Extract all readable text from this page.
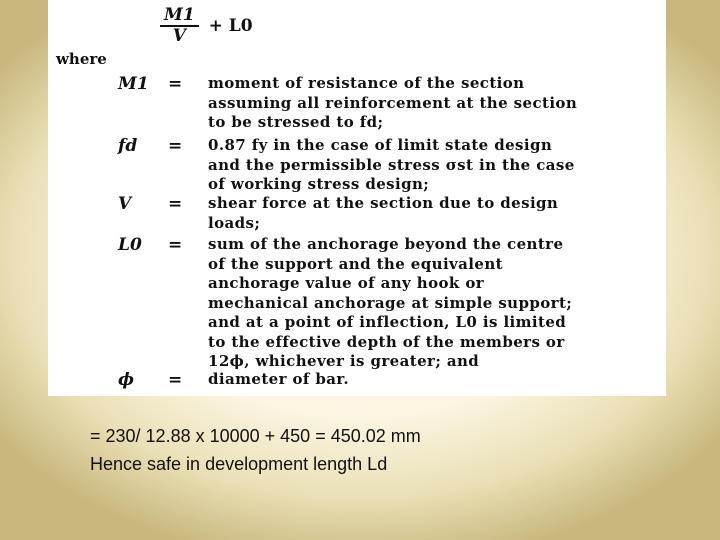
$\frac{M1}{V} + L0$
where
M1 = moment of resistance of the section
assuming all reinforcement at the section
to be stressed to fd;
fd = 0.87 fy in the case of limit state design
and the permissible stress σst in the case
of working stress design;
V = shear force at the section due to design
loads;
L0 = sum of the anchorage beyond the centre
of the support and the equivalent
anchorage value of any hook or
mechanical anchorage at simple support;
and at a point of inflection, L0 is limited
to the effective depth of the members or
12ϕ, whichever is greater; and
ϕ = diameter of bar.
= 230/ 12.88 x 10000 + 450 = 450.02 mm
Hence safe in development length Ld
